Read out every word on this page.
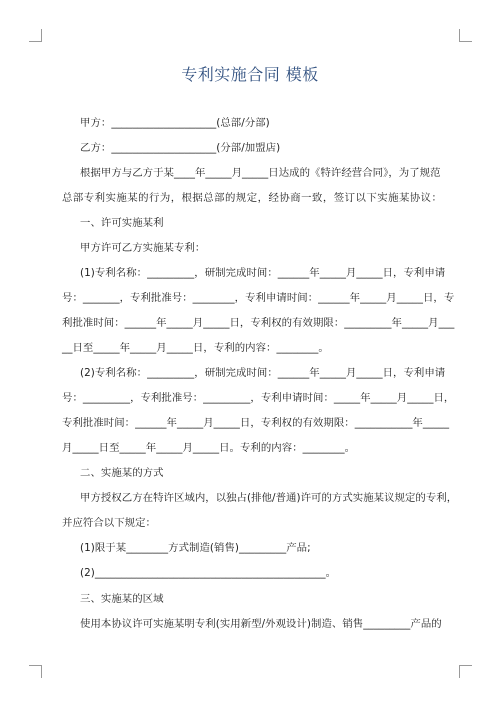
专利实施合同 模板
甲方：____________________(总部/分部)
乙方：____________________(分部/加盟店)
根据甲方与乙方于某____年_____月_____日达成的《特许经营合同》，为了规范
总部专利实施某的行为，根据总部的规定，经协商一致，签订以下实施某协议：
一、许可实施某利
甲方许可乙方实施某专利：
(1)专利名称：_________，研制完成时间：______年_____月_____日，专利申请
号：_______，专利批准号：________，专利申请时间：______年_____月_____日，专
利批准时间：______年_____月_____日，专利权的有效期限：_________年_____月___
__日至_____年_____月_____日，专利的内容：________。
(2)专利名称：_________，研制完成时间：______年_____月_____日，专利申请
号：_________，专利批准号：_________，专利申请时间：_____年_____月_____日，
专利批准时间：______年_____月_____日，专利权的有效期限：___________年_____
月_____日至_____年_____月_____日。专利的内容：________。
二、实施某的方式
甲方授权乙方在特许区域内，以独占(排他/普通)许可的方式实施某议规定的专利，
并应符合以下规定：
(1)限于某________方式制造(销售)_________产品;
(2)____________________________________________。
三、实施某的区域
使用本协议许可实施某明专利(实用新型/外观设计)制造、销售_________产品的
